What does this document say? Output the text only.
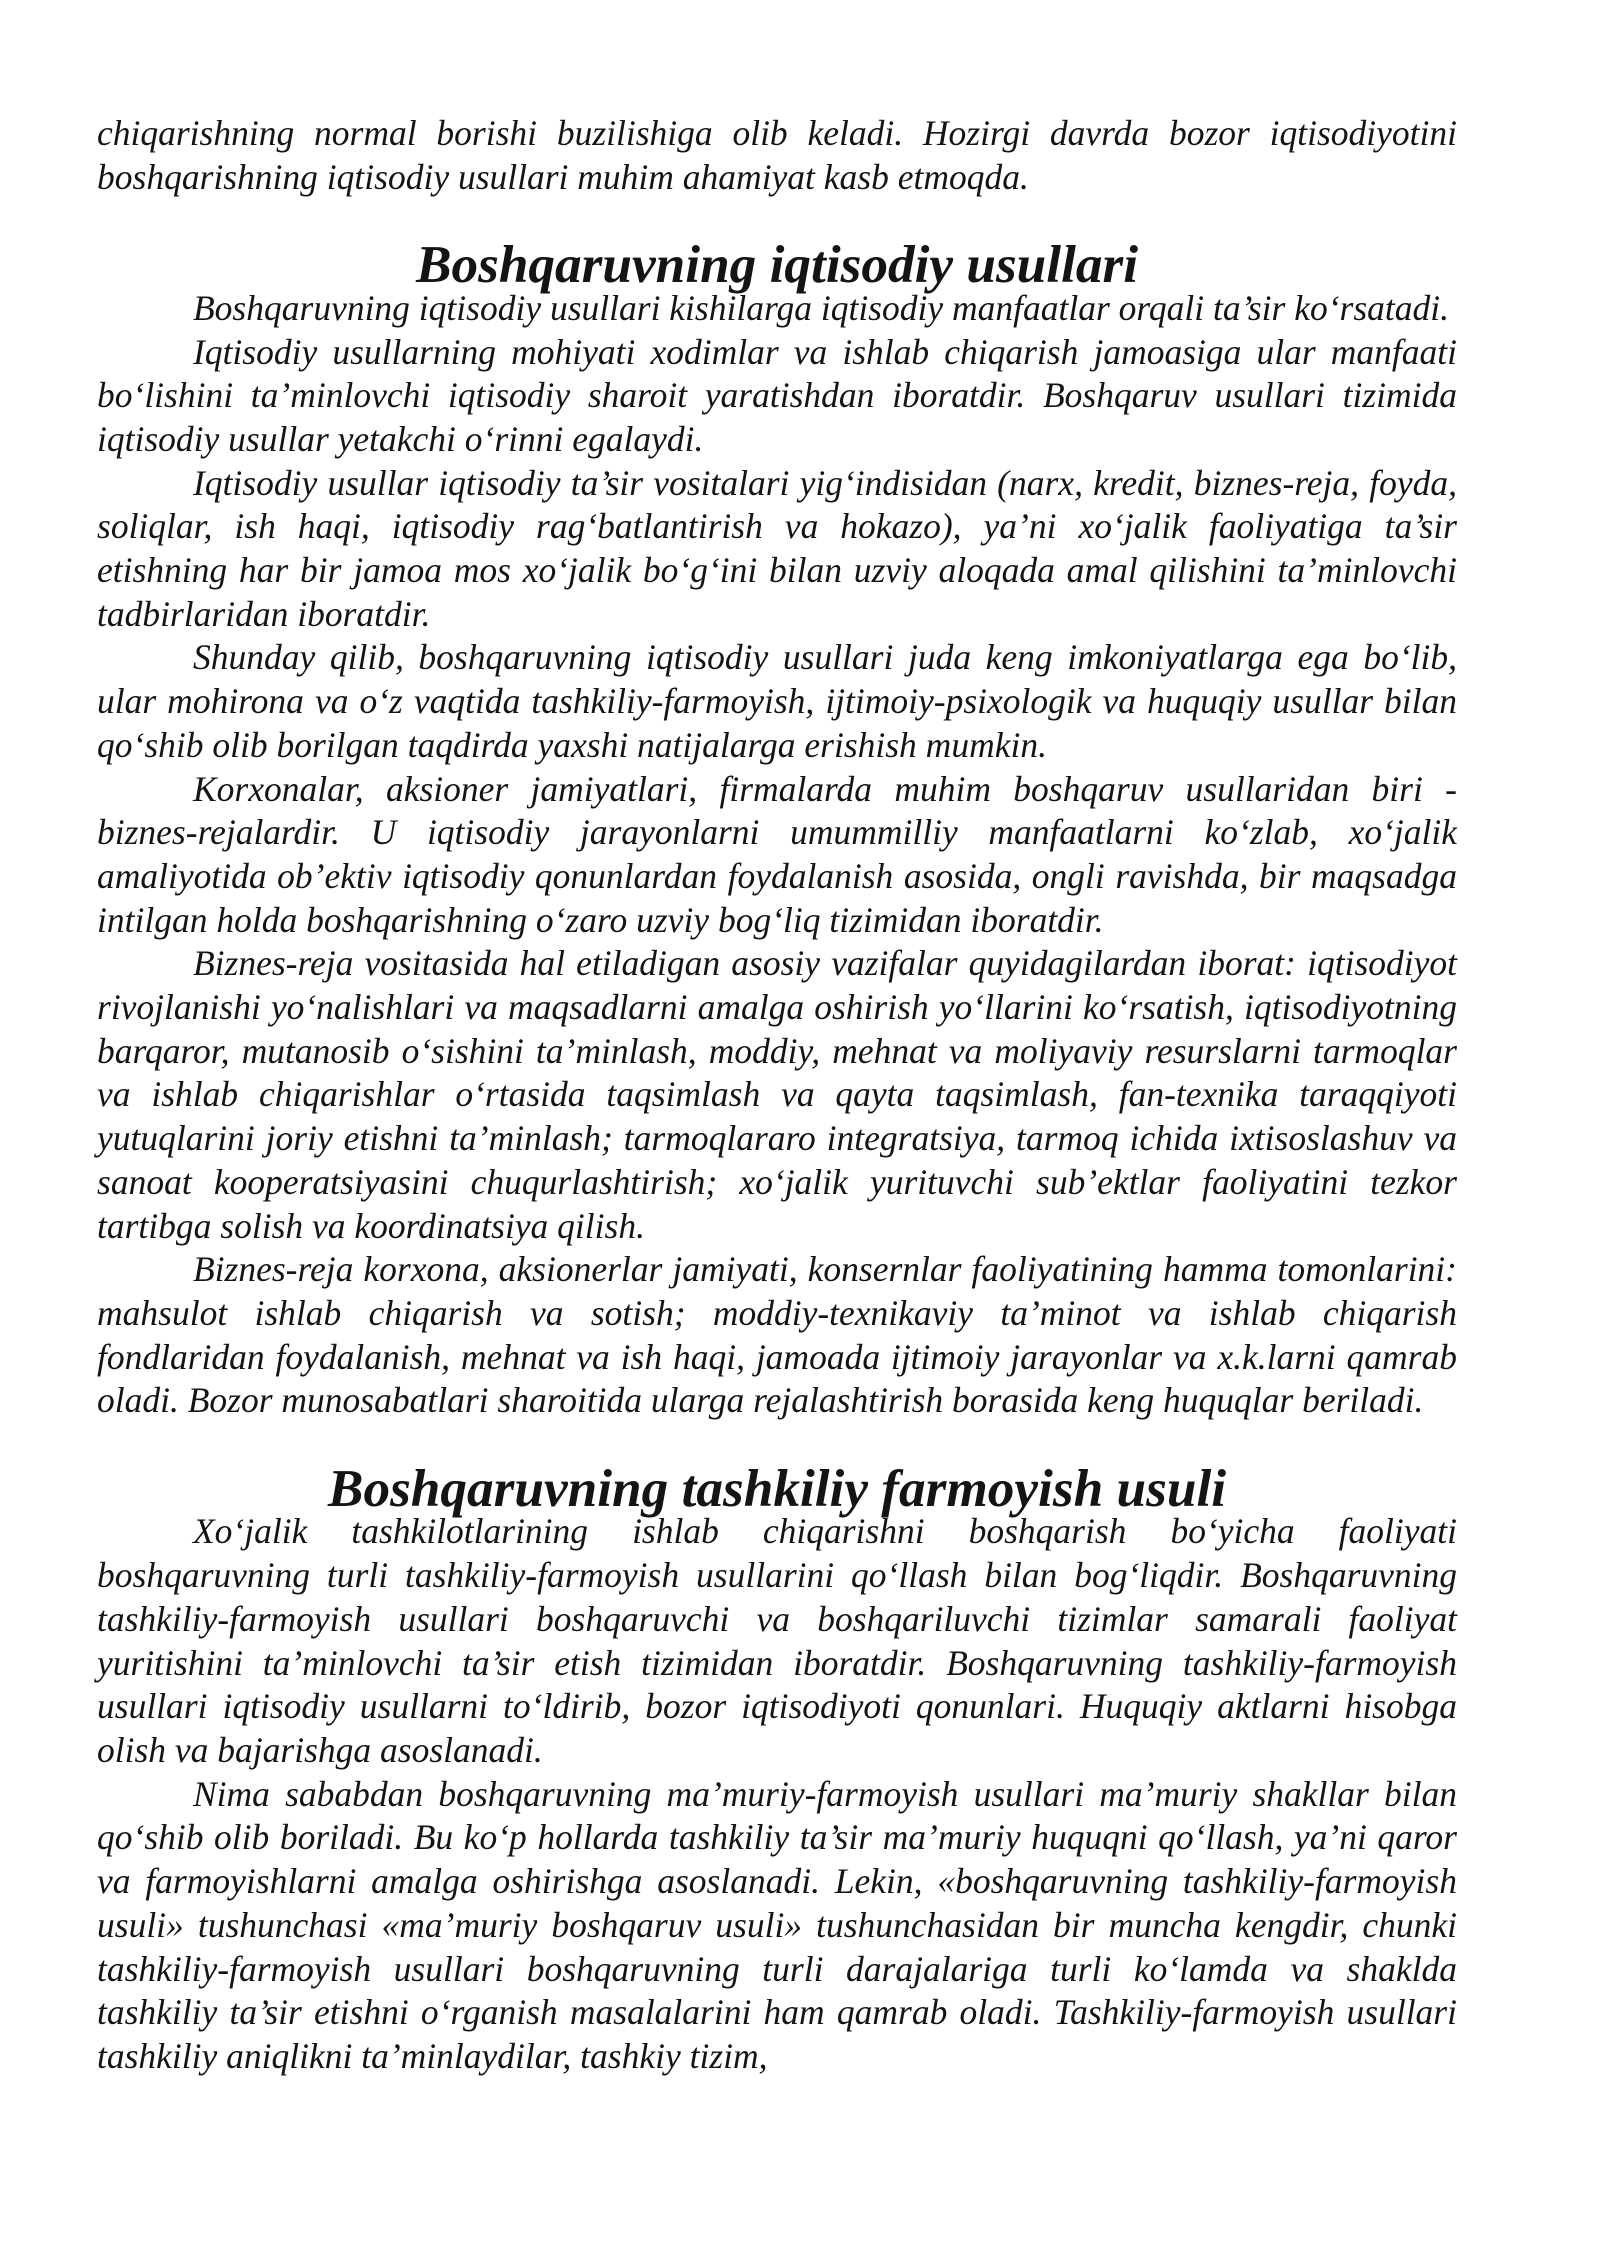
chiqarishning normal borishi buzilishiga olib keladi. Hozirgi davrda bozor iqtisodiyotini boshqarishning iqtisodiy usullari muhim ahamiyat kasb etmoqda.

Boshqaruvning iqtisodiy usullari

Boshqaruvning iqtisodiy usullari kishilarga iqtisodiy manfaatlar orqali ta’sir ko‘rsatadi.

Iqtisodiy usullarning mohiyati xodimlar va ishlab chiqarish jamoasiga ular manfaati bo‘lishini ta’minlovchi iqtisodiy sharoit yaratishdan iboratdir. Boshqaruv usullari tizimida iqtisodiy usullar yetakchi o‘rinni egalaydi.

Iqtisodiy usullar iqtisodiy ta’sir vositalari yig‘indisidan (narx, kredit, biznes-reja, foyda, soliqlar, ish haqi, iqtisodiy rag‘batlantirish va hokazo), ya’ni xo‘jalik faoliyatiga ta’sir etishning har bir jamoa mos xo‘jalik bo‘g‘ini bilan uzviy aloqada amal qilishini ta’minlovchi tadbirlaridan iboratdir.

Shunday qilib, boshqaruvning iqtisodiy usullari juda keng imkoniyatlarga ega bo‘lib, ular mohirona va o‘z vaqtida tashkiliy-farmoyish, ijtimoiy-psixologik va huquqiy usullar bilan qo‘shib olib borilgan taqdirda yaxshi natijalarga erishish mumkin.

Korxonalar, aksioner jamiyatlari, firmalarda muhim boshqaruv usullaridan biri - biznes-rejalardir. U iqtisodiy jarayonlarni umummilliy manfaatlarni ko‘zlab, xo‘jalik amaliyotida ob’ektiv iqtisodiy qonunlardan foydalanish asosida, ongli ravishda, bir maqsadga intilgan holda boshqarishning o‘zaro uzviy bog‘liq tizimidan iboratdir.

Biznes-reja vositasida hal etiladigan asosiy vazifalar quyidagilardan iborat: iqtisodiyot rivojlanishi yo‘nalishlari va maqsadlarni amalga oshirish yo‘llarini ko‘rsatish, iqtisodiyotning barqaror, mutanosib o‘sishini ta’minlash, moddiy, mehnat va moliyaviy resurslarni tarmoqlar va ishlab chiqarishlar o‘rtasida taqsimlash va qayta taqsimlash, fan-texnika taraqqiyoti yutuqlarini joriy etishni ta’minlash; tarmoqlararo integratsiya, tarmoq ichida ixtisoslashuv va sanoat kooperatsiyasini chuqurlashtirish; xo‘jalik yurituvchi sub’ektlar faoliyatini tezkor tartibga solish va koordinatsiya qilish.

Biznes-reja korxona, aksionerlar jamiyati, konsernlar faoliyatining hamma tomonlarini: mahsulot ishlab chiqarish va sotish; moddiy-texnikaviy ta’minot va ishlab chiqarish fondlaridan foydalanish, mehnat va ish haqi, jamoada ijtimoiy jarayonlar va x.k.larni qamrab oladi. Bozor munosabatlari sharoitida ularga rejalashtirish borasida keng huquqlar beriladi.

Boshqaruvning tashkiliy farmoyish usuli

Xo‘jalik tashkilotlarining ishlab chiqarishni boshqarish bo‘yicha faoliyati boshqaruvning turli tashkiliy-farmoyish usullarini qo‘llash bilan bog‘liqdir. Boshqaruvning tashkiliy-farmoyish usullari boshqaruvchi va boshqariluvchi tizimlar samarali faoliyat yuritishini ta’minlovchi ta’sir etish tizimidan iboratdir. Boshqaruvning tashkiliy-farmoyish usullari iqtisodiy usullarni to‘ldirib, bozor iqtisodiyoti qonunlari. Huquqiy aktlarni hisobga olish va bajarishga asoslanadi.

Nima sababdan boshqaruvning ma’muriy-farmoyish usullari ma’muriy shakllar bilan qo‘shib olib boriladi. Bu ko‘p hollarda tashkiliy ta’sir ma’muriy huquqni qo‘llash, ya’ni qaror va farmoyishlarni amalga oshirishga asoslanadi. Lekin, «boshqaruvning tashkiliy-farmoyish usuli» tushunchasi «ma’muriy boshqaruv usuli» tushunchasidan bir muncha kengdir, chunki tashkiliy-farmoyish usullari boshqaruvning turli darajalariga turli ko‘lamda va shaklda tashkiliy ta’sir etishni o‘rganish masalalarini ham qamrab oladi. Tashkiliy-farmoyish usullari tashkiliy aniqlikni ta’minlaydilar, tashkiy tizim,
